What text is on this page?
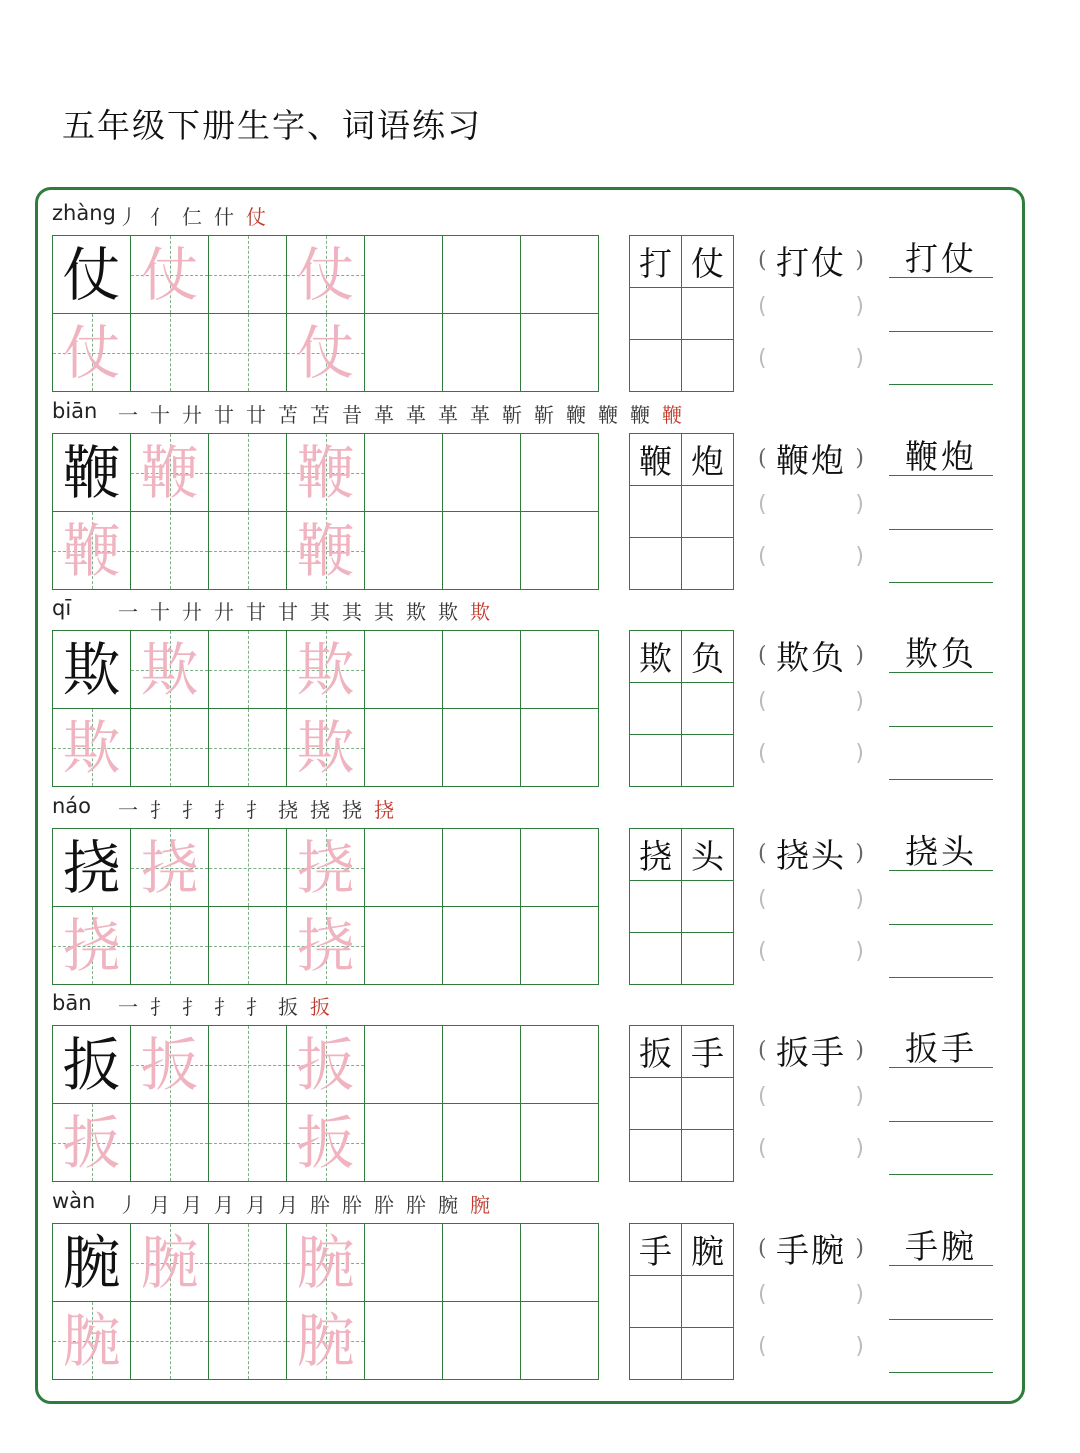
五年级下册生字、词语练习
zhàng 丿 亻 仁 什 仗
仗 仗 仗
仗	仗
打 仗	( 打仗 )
(	)
(	)
打仗
biān 一 十 廾 廿 廿 苫 苫 昔 革 革 革 革 靳 靳 鞭 鞭 鞭 鞭
鞭 鞭 鞭
鞭	鞭
鞭 炮	( 鞭炮 )
(	)
(	)
鞭炮
qī 一 十 廾 廾 甘 甘 其 其 其 欺 欺 欺
欺 欺 欺
欺	欺
欺 负	( 欺负 )
(	)
(	)
欺负
náo 一 扌 扌 扌 扌 挠 挠 挠 挠
挠 挠 挠
挠	挠
挠 头	( 挠头 )
(	)
(	)
挠头
bān 一 扌 扌 扌 扌 扳 扳
扳 扳 扳
扳	扳
扳 手	( 扳手 )
(	)
(	)
扳手
wàn 丿 月 月 月 月 月 肸 肸 肸 肸 腕 腕
腕 腕 腕
腕	腕
手 腕	( 手腕 )
(	)
(	)
手腕
